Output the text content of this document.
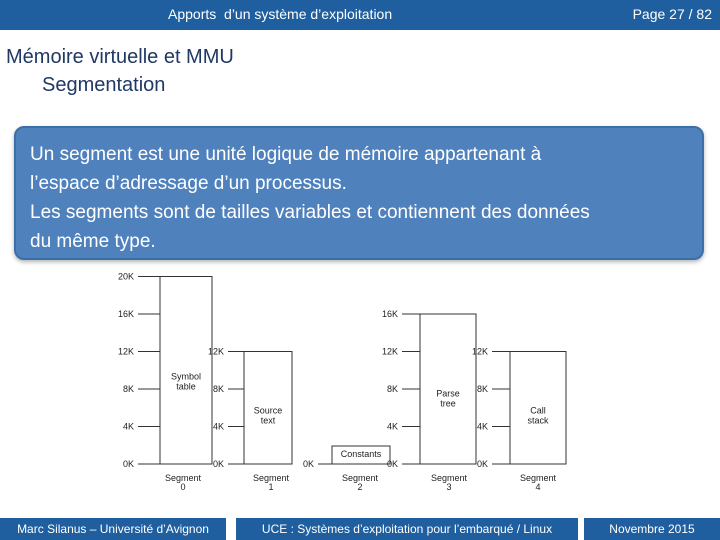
Apports  d’un système d’exploitation	Page 27 / 82
Mémoire virtuelle et MMU
Segmentation
Un segment est une unité logique de mémoire appartenant à
l’espace d’adressage d’un processus.
Les segments sont de tailles variables et contiennent des données
du même type.
20K
16K
12K
8K
4K
0K
Symbol
table
Segment
0
12K
8K
4K
0K
Source
text
Segment
1
0K
Constants
Segment
2
16K
12K
8K
4K
0K
Parse
tree
Segment
3
12K
8K
4K
0K
Call
stack
Segment
4
Marc Silanus – Université d’Avignon	UCE : Systèmes d’exploitation pour l’embarqué / Linux	Novembre 2015
